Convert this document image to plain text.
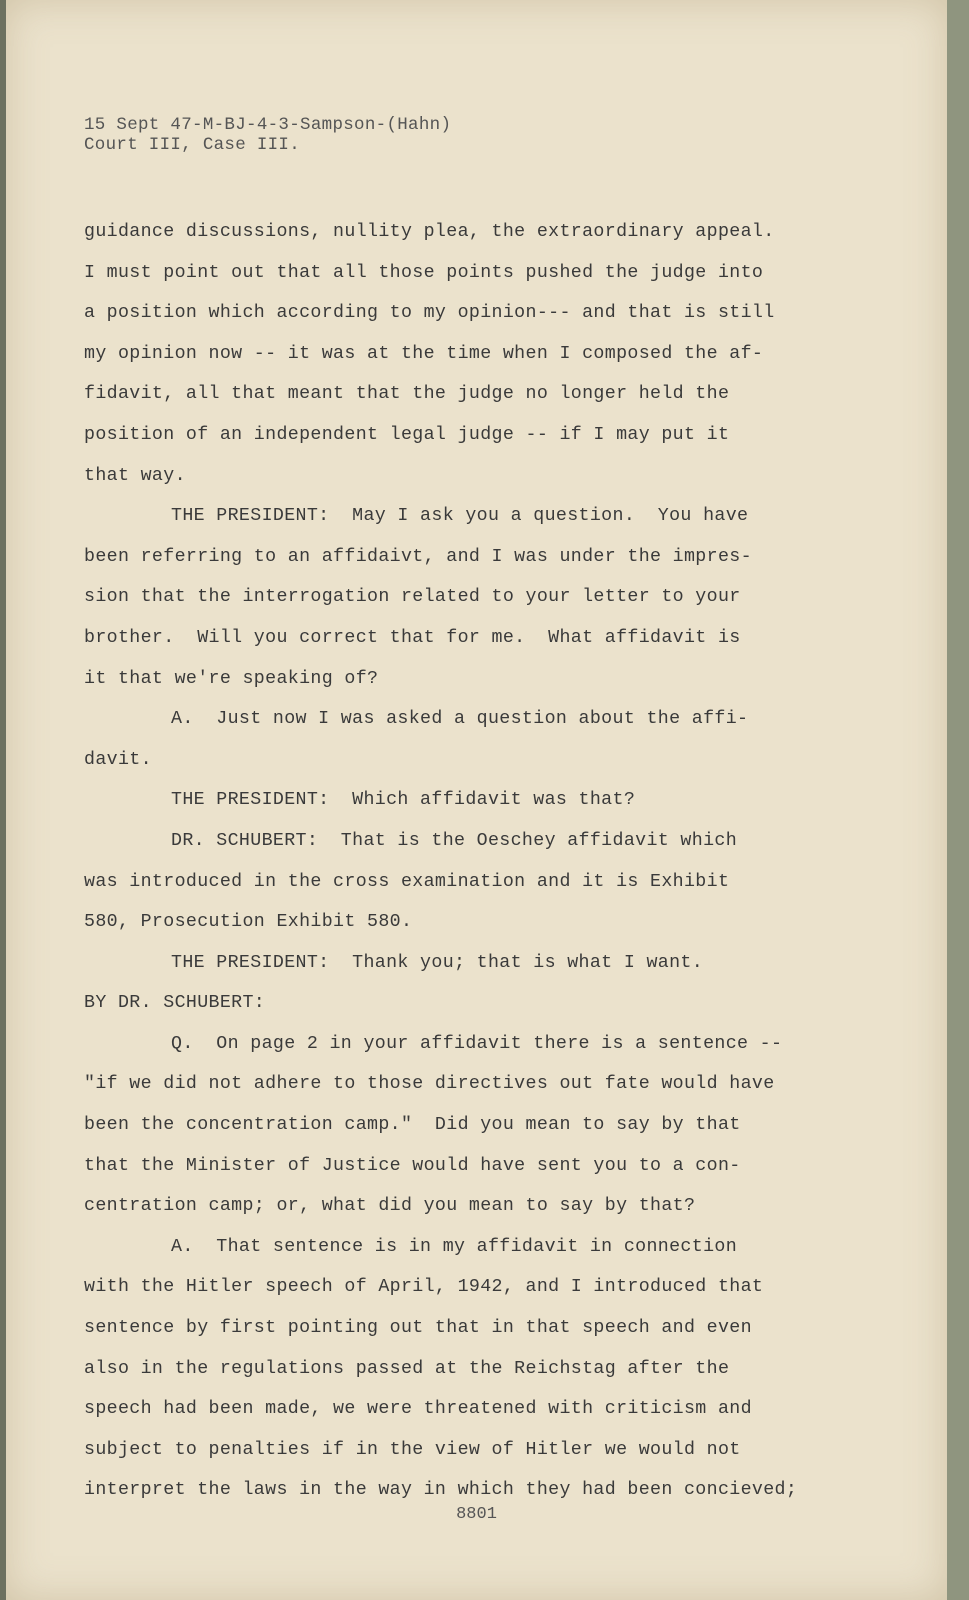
15 Sept 47-M-BJ-4-3-Sampson-(Hahn)
Court III, Case III.
guidance discussions, nullity plea, the extraordinary appeal.
I must point out that all those points pushed the judge into
a position which according to my opinion--- and that is still
my opinion now -- it was at the time when I composed the af-
fidavit, all that meant that the judge no longer held the
position of an independent legal judge -- if I may put it
that way.
THE PRESIDENT:  May I ask you a question.  You have
been referring to an affidaivt, and I was under the impres-
sion that the interrogation related to your letter to your
brother.  Will you correct that for me.  What affidavit is
it that we're speaking of?
A.  Just now I was asked a question about the affi-
davit.
THE PRESIDENT:  Which affidavit was that?
DR. SCHUBERT:  That is the Oeschey affidavit which
was introduced in the cross examination and it is Exhibit
580, Prosecution Exhibit 580.
THE PRESIDENT:  Thank you; that is what I want.
BY DR. SCHUBERT:
Q.  On page 2 in your affidavit there is a sentence --
"if we did not adhere to those directives out fate would have
been the concentration camp."  Did you mean to say by that
that the Minister of Justice would have sent you to a con-
centration camp; or, what did you mean to say by that?
A.  That sentence is in my affidavit in connection
with the Hitler speech of April, 1942, and I introduced that
sentence by first pointing out that in that speech and even
also in the regulations passed at the Reichstag after the
speech had been made, we were threatened with criticism and
subject to penalties if in the view of Hitler we would not
interpret the laws in the way in which they had been concieved;
8801
